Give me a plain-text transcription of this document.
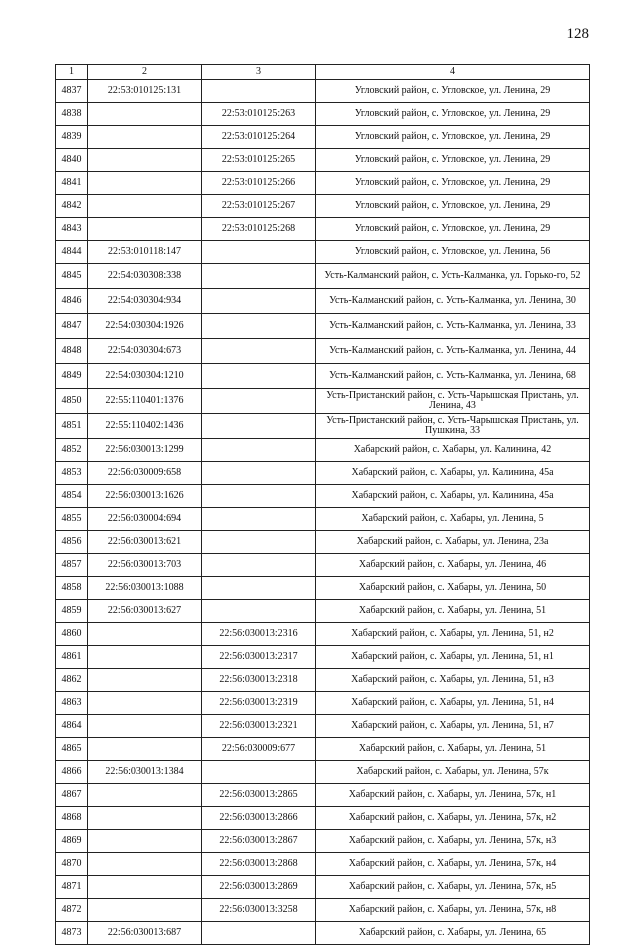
128
1	2	3	4
4837	22:53:010125:131		Угловский район, с. Угловское, ул. Ленина, 29
4838		22:53:010125:263	Угловский район, с. Угловское, ул. Ленина, 29
4839		22:53:010125:264	Угловский район, с. Угловское, ул. Ленина, 29
4840		22:53:010125:265	Угловский район, с. Угловское, ул. Ленина, 29
4841		22:53:010125:266	Угловский район, с. Угловское, ул. Ленина, 29
4842		22:53:010125:267	Угловский район, с. Угловское, ул. Ленина, 29
4843		22:53:010125:268	Угловский район, с. Угловское, ул. Ленина, 29
4844	22:53:010118:147		Угловский район, с. Угловское, ул. Ленина, 56
4845	22:54:030308:338		Усть-Калманский район, с. Усть-Калманка, ул. Горько-го, 52
4846	22:54:030304:934		Усть-Калманский район, с. Усть-Калманка, ул. Ленина, 30
4847	22:54:030304:1926		Усть-Калманский район, с. Усть-Калманка, ул. Ленина, 33
4848	22:54:030304:673		Усть-Калманский район, с. Усть-Калманка, ул. Ленина, 44
4849	22:54:030304:1210		Усть-Калманский район, с. Усть-Калманка, ул. Ленина, 68
4850	22:55:110401:1376		Усть-Пристанский район, с. Усть-Чарышская Пристань, ул. Ленина, 43
4851	22:55:110402:1436		Усть-Пристанский район, с. Усть-Чарышская Пристань, ул. Пушкина, 33
4852	22:56:030013:1299		Хабарский район, с. Хабары, ул. Калинина, 42
4853	22:56:030009:658		Хабарский район, с. Хабары, ул. Калинина, 45а
4854	22:56:030013:1626		Хабарский район, с. Хабары, ул. Калинина, 45а
4855	22:56:030004:694		Хабарский район, с. Хабары, ул. Ленина, 5
4856	22:56:030013:621		Хабарский район, с. Хабары, ул. Ленина, 23а
4857	22:56:030013:703		Хабарский район, с. Хабары, ул. Ленина, 46
4858	22:56:030013:1088		Хабарский район, с. Хабары, ул. Ленина, 50
4859	22:56:030013:627		Хабарский район, с. Хабары, ул. Ленина, 51
4860		22:56:030013:2316	Хабарский район, с. Хабары, ул. Ленина, 51, н2
4861		22:56:030013:2317	Хабарский район, с. Хабары, ул. Ленина, 51, н1
4862		22:56:030013:2318	Хабарский район, с. Хабары, ул. Ленина, 51, н3
4863		22:56:030013:2319	Хабарский район, с. Хабары, ул. Ленина, 51, н4
4864		22:56:030013:2321	Хабарский район, с. Хабары, ул. Ленина, 51, н7
4865		22:56:030009:677	Хабарский район, с. Хабары, ул. Ленина, 51
4866	22:56:030013:1384		Хабарский район, с. Хабары, ул. Ленина, 57к
4867		22:56:030013:2865	Хабарский район, с. Хабары, ул. Ленина, 57к, н1
4868		22:56:030013:2866	Хабарский район, с. Хабары, ул. Ленина, 57к, н2
4869		22:56:030013:2867	Хабарский район, с. Хабары, ул. Ленина, 57к, н3
4870		22:56:030013:2868	Хабарский район, с. Хабары, ул. Ленина, 57к, н4
4871		22:56:030013:2869	Хабарский район, с. Хабары, ул. Ленина, 57к, н5
4872		22:56:030013:3258	Хабарский район, с. Хабары, ул. Ленина, 57к, н8
4873	22:56:030013:687		Хабарский район, с. Хабары, ул. Ленина, 65
